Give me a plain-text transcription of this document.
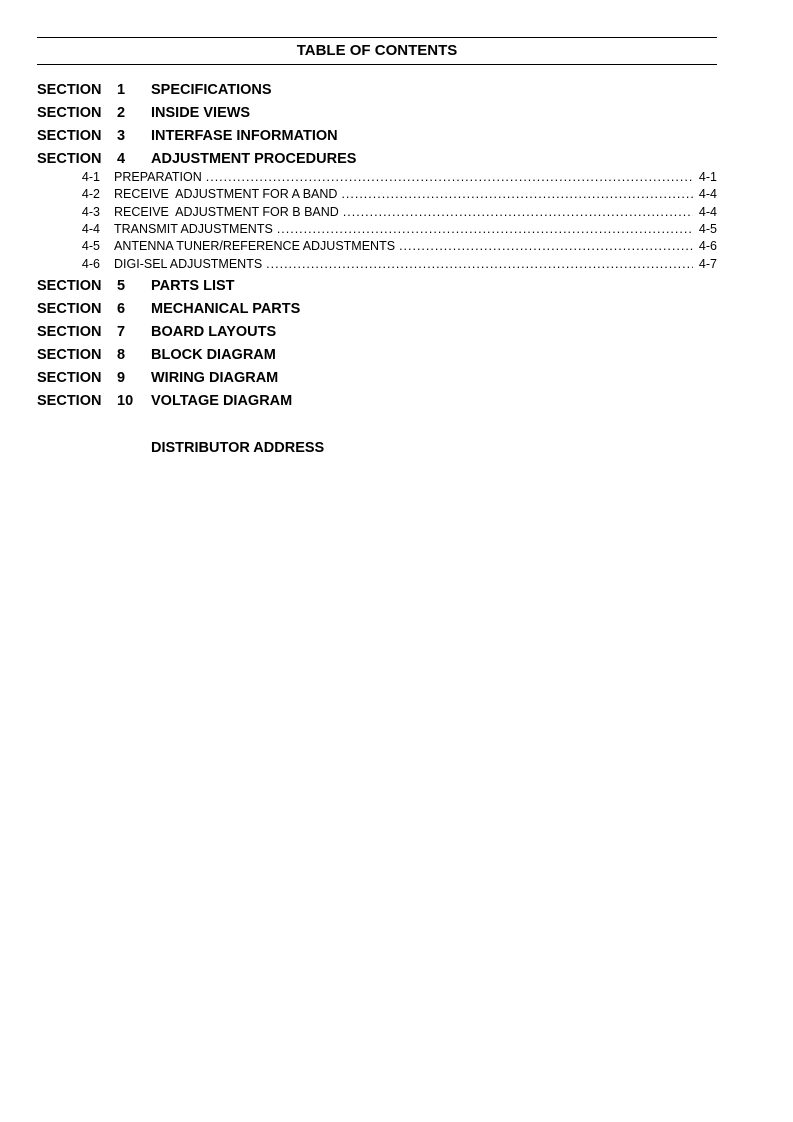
TABLE OF CONTENTS
SECTION 1 SPECIFICATIONS
SECTION 2 INSIDE VIEWS
SECTION 3 INTERFASE INFORMATION
SECTION 4 ADJUSTMENT PROCEDURES
4-1	PREPARATION .....	4-1
4-2	RECEIVE  ADJUSTMENT FOR A BAND .....	4-4
4-3	RECEIVE  ADJUSTMENT FOR B BAND .....	4-4
4-4	TRANSMIT ADJUSTMENTS .....	4-5
4-5	ANTENNA TUNER/REFERENCE ADJUSTMENTS .....	4-6
4-6	DIGI-SEL ADJUSTMENTS .....	4-7
SECTION 5 PARTS LIST
SECTION 6 MECHANICAL PARTS
SECTION 7 BOARD LAYOUTS
SECTION 8 BLOCK DIAGRAM
SECTION 9 WIRING DIAGRAM
SECTION 10 VOLTAGE DIAGRAM
DISTRIBUTOR ADDRESS
